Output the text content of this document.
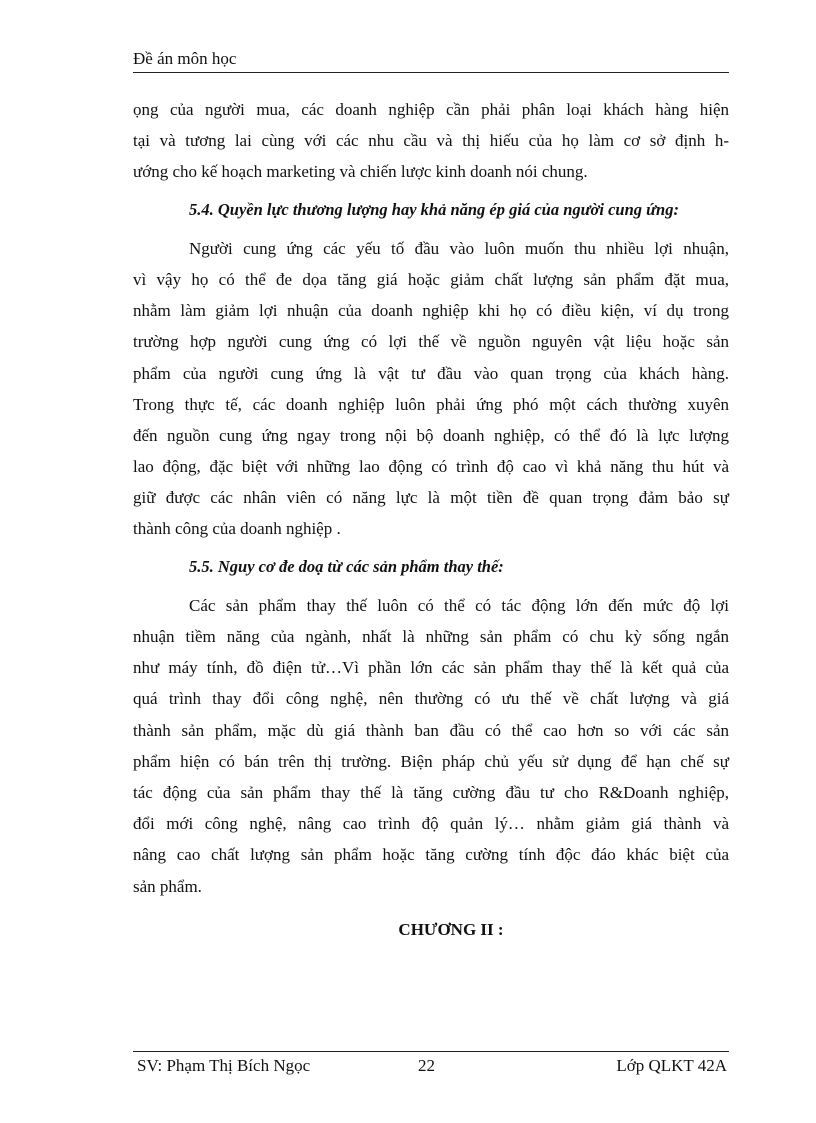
Đề án môn học
ọng của người mua, các doanh nghiệp cần phải phân loại khách hàng hiện
tại và tương lai cùng với các nhu cầu và thị hiếu của họ làm cơ sở định h-
ướng cho kế hoạch marketing và chiến lược kinh doanh nói chung.
5.4. Quyền lực thương lượng hay khả năng ép giá của người cung ứng:
Người cung ứng các yếu tố đầu vào luôn muốn thu nhiều lợi nhuận,
vì vậy họ có thể đe dọa tăng giá hoặc giảm chất lượng sản phẩm đặt mua,
nhằm làm giảm lợi nhuận của doanh nghiệp khi họ có điều kiện, ví dụ trong
trường hợp người cung ứng có lợi thế về nguồn nguyên vật liệu hoặc sản
phẩm của người cung ứng là vật tư đầu vào quan trọng của khách hàng.
Trong thực tế, các doanh nghiệp luôn phải ứng phó một cách thường xuyên
đến nguồn cung ứng ngay trong nội bộ doanh nghiệp, có thể đó là lực lượng
lao động, đặc biệt với những lao động có trình độ cao vì khả năng thu hút và
giữ được các nhân viên có năng lực là một tiền đề quan trọng đảm bảo sự
thành công của doanh nghiệp .
5.5. Nguy cơ đe doạ từ các sản phẩm thay thế:
Các sản phẩm thay thế luôn có thể có tác động lớn đến mức độ lợi
nhuận tiềm năng của ngành, nhất là những sản phẩm có chu kỳ sống ngắn
như máy tính, đồ điện tử…Vì phần lớn các sản phẩm thay thế là kết quả của
quá trình thay đổi công nghệ, nên thường có ưu thế về chất lượng và giá
thành sản phẩm, mặc dù giá thành ban đầu có thể cao hơn so với các sản
phẩm hiện có bán trên thị trường. Biện pháp chủ yếu sử dụng để hạn chế sự
tác động của sản phẩm thay thế là tăng cường đầu tư cho R&Doanh nghiệp,
đổi mới công nghệ, nâng cao trình độ quản lý… nhằm giảm giá thành và
nâng cao chất lượng sản phẩm hoặc tăng cường tính độc đáo khác biệt của
sản phẩm.
CHƯƠNG II :
SV: Phạm Thị Bích Ngọc	22	Lớp QLKT 42A
